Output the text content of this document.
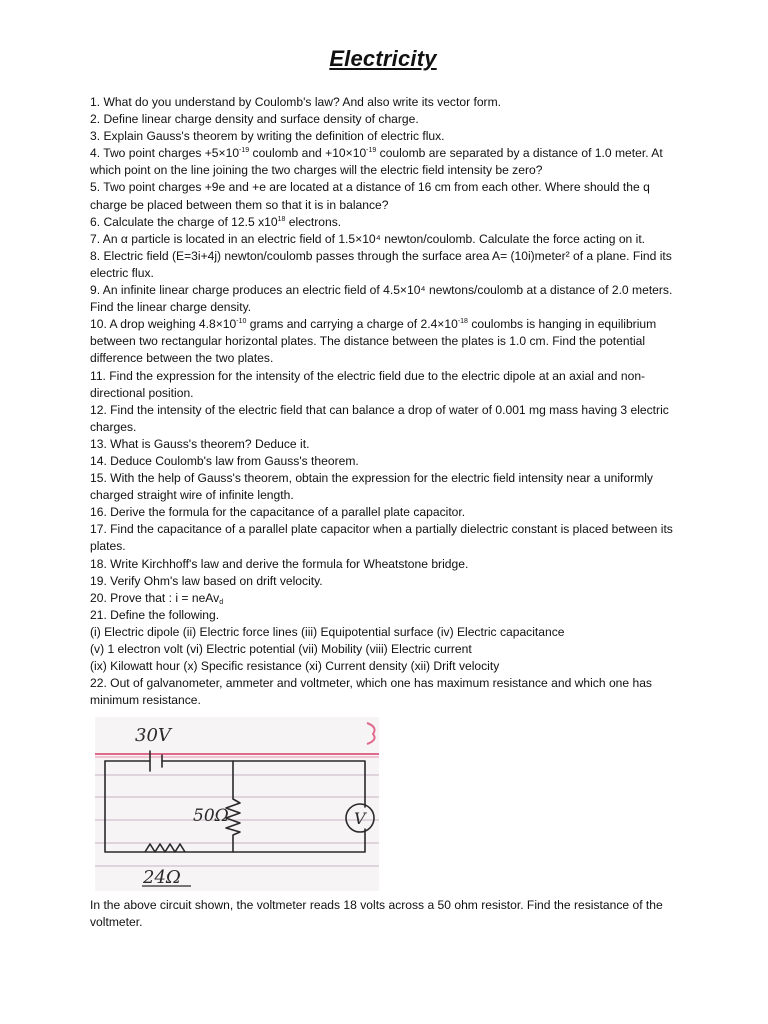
Electricity

1. What do you understand by Coulomb's law? And also write its vector form.

2. Define linear charge density and surface density of charge.

3. Explain Gauss's theorem by writing the definition of electric flux.

4. Two point charges $+5\times 10^{-19}$ coulomb and $+10\times 10^{-19}$ coulomb are separated by a distance of 1.0 meter. At which point on the line joining the two charges will the electric field intensity be zero?

5. Two point charges +9e and +e are located at a distance of 16 cm from each other. Where should the q charge be placed between them so that it is in balance?

6. Calculate the charge of 12.5 $x10^{18}$ electrons.

7. An α particle is located in an electric field of 1.5×10⁴ newton/coulomb. Calculate the force acting on it.

8. Electric field (E=3i+4j) newton/coulomb passes through the surface area A= (10i)meter² of a plane. Find its electric flux.

9. An infinite linear charge produces an electric field of 4.5×10⁴ newtons/coulomb at a distance of 2.0 meters. Find the linear charge density.

10. A drop weighing $4.8\times 10^{-10}$ grams and carrying a charge of $2.4\times 10^{-18}$ coulombs is hanging in equilibrium between two rectangular horizontal plates. The distance between the plates is 1.0 cm. Find the potential difference between the two plates.

11. Find the expression for the intensity of the electric field due to the electric dipole at an axial and non-directional position.

12. Find the intensity of the electric field that can balance a drop of water of 0.001 mg mass having 3 electric charges.

13. What is Gauss's theorem? Deduce it.

14. Deduce Coulomb's law from Gauss's theorem.

15. With the help of Gauss's theorem, obtain the expression for the electric field intensity near a uniformly charged straight wire of infinite length.

16. Derive the formula for the capacitance of a parallel plate capacitor.

17. Find the capacitance of a parallel plate capacitor when a partially dielectric constant is placed between its plates.

18. Write Kirchhoff's law and derive the formula for Wheatstone bridge.

19. Verify Ohm's law based on drift velocity.

20. Prove that : i = neAv$_d$

21. Define the following.

(i) Electric dipole (ii) Electric force lines (iii) Equipotential surface (iv) Electric capacitance

(v) 1 electron volt (vi) Electric potential (vii) Mobility (viii) Electric current

(ix) Kilowatt hour (x) Specific resistance (xi) Current density (xii) Drift velocity

22. Out of galvanometer, ammeter and voltmeter, which one has maximum resistance and which one has minimum resistance.

30V
50Ω	V
24Ω

In the above circuit shown, the voltmeter reads 18 volts across a 50 ohm resistor. Find the resistance of the voltmeter.
